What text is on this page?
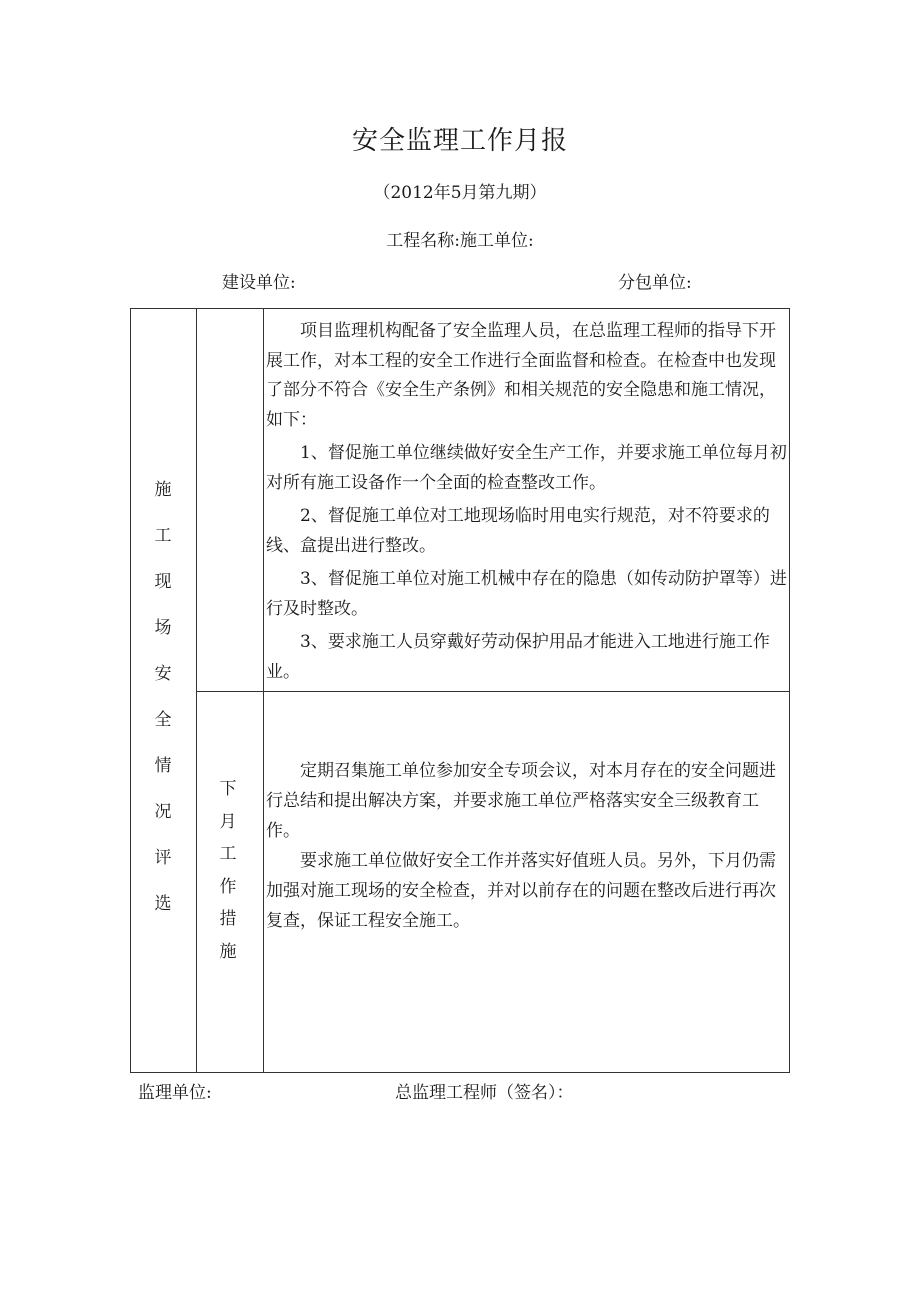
安全监理工作月报
（2012年5月第九期）
工程名称:施工单位:
建设单位:	分包单位:
施
工
现
场
安
全
情
况
评
选
下
月
工
作
措
施

项目监理机构配备了安全监理人员，在总监理工程师的指导下开展工作，对本工程的安全工作进行全面监督和检查。在检查中也发现了部分不符合《安全生产条例》和相关规范的安全隐患和施工情况，如下：

1、督促施工单位继续做好安全生产工作，并要求施工单位每月初对所有施工设备作一个全面的检查整改工作。

2、督促施工单位对工地现场临时用电实行规范，对不符要求的线、盒提出进行整改。

3、督促施工单位对施工机械中存在的隐患（如传动防护罩等）进行及时整改。

3、要求施工人员穿戴好劳动保护用品才能进入工地进行施工作业。

定期召集施工单位参加安全专项会议，对本月存在的安全问题进行总结和提出解决方案，并要求施工单位严格落实安全三级教育工作。

要求施工单位做好安全工作并落实好值班人员。另外，下月仍需加强对施工现场的安全检查，并对以前存在的问题在整改后进行再次复查，保证工程安全施工。

监理单位:	总监理工程师（签名）：
